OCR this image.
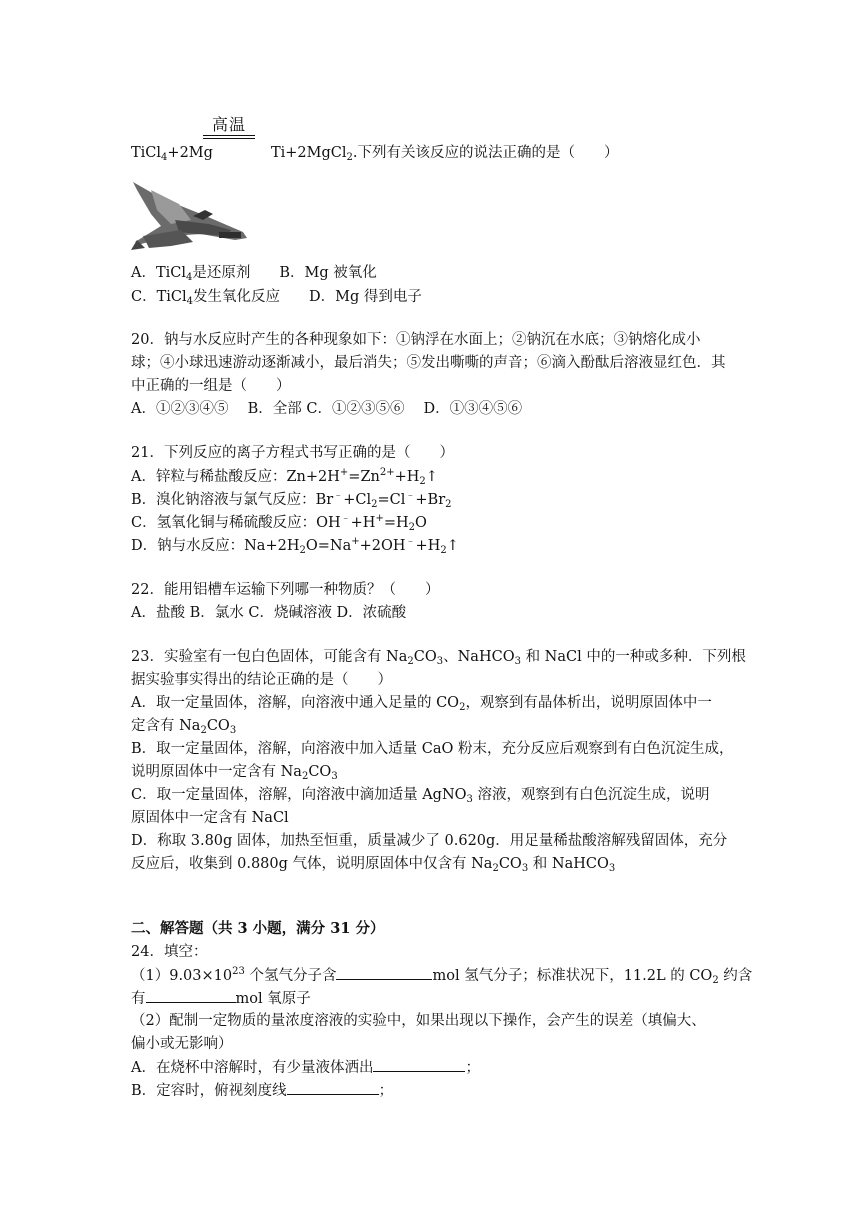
高温
TiCl$_4$+2Mg	Ti+2MgCl$_2$.下列有关该反应的说法正确的是（　　）
A．TiCl$_4$是还原剂　　B．Mg 被氧化
C．TiCl$_4$发生氧化反应　　D．Mg 得到电子
20．钠与水反应时产生的各种现象如下：①钠浮在水面上；②钠沉在水底；③钠熔化成小
球；④小球迅速游动逐渐减小，最后消失；⑤发出嘶嘶的声音；⑥滴入酚酞后溶液显红色．其
中正确的一组是（　　）
A．①②③④⑤　 B．全部 C．①②③⑤⑥　 D．①③④⑤⑥
21．下列反应的离子方程式书写正确的是（　　）
A．锌粒与稀盐酸反应：$Zn+2H^+=Zn^{2+}+H_2↑$
B．溴化钠溶液与氯气反应：$Br^﹣+Cl_2=Cl^﹣+Br_2$
C．氢氧化铜与稀硫酸反应：$OH^﹣+H^+=H_2O$
D．钠与水反应：$Na+2H_2O=Na^++2OH^﹣+H_2↑$
22．能用铝槽车运输下列哪一种物质？（　　）
A．盐酸 B．氯水 C．烧碱溶液 D．浓硫酸
23．实验室有一包白色固体，可能含有 $Na_2CO_3$、NaHCO$_3$ 和 NaCl 中的一种或多种．下列根
据实验事实得出的结论正确的是（　　）
A．取一定量固体，溶解，向溶液中通入足量的 $CO_2$，观察到有晶体析出，说明原固体中一
定含有 $Na_2CO_3$
B．取一定量固体，溶解，向溶液中加入适量 CaO 粉末，充分反应后观察到有白色沉淀生成，
说明原固体中一定含有 $Na_2CO_3$
C．取一定量固体，溶解，向溶液中滴加适量 AgNO$_3$ 溶液，观察到有白色沉淀生成，说明
原固体中一定含有 NaCl
D．称取 3.80g 固体，加热至恒重，质量减少了 0.620g．用足量稀盐酸溶解残留固体，充分
反应后，收集到 0.880g 气体，说明原固体中仅含有 $Na_2CO_3$ 和 NaHCO$_3$
二、解答题（共 3 小题，满分 31 分）
24．填空：
$(1)9.03\times 10^{23}$ 个氢气分子含	mol 氢气分子；标准状况下，11.2L 的 $CO_2$ 约含
有	mol 氧原子
（2）配制一定物质的量浓度溶液的实验中，如果出现以下操作，会产生的误差（填偏大、
偏小或无影响）
A．在烧杯中溶解时，有少量液体洒出	；
B．定容时，俯视刻度线	；
